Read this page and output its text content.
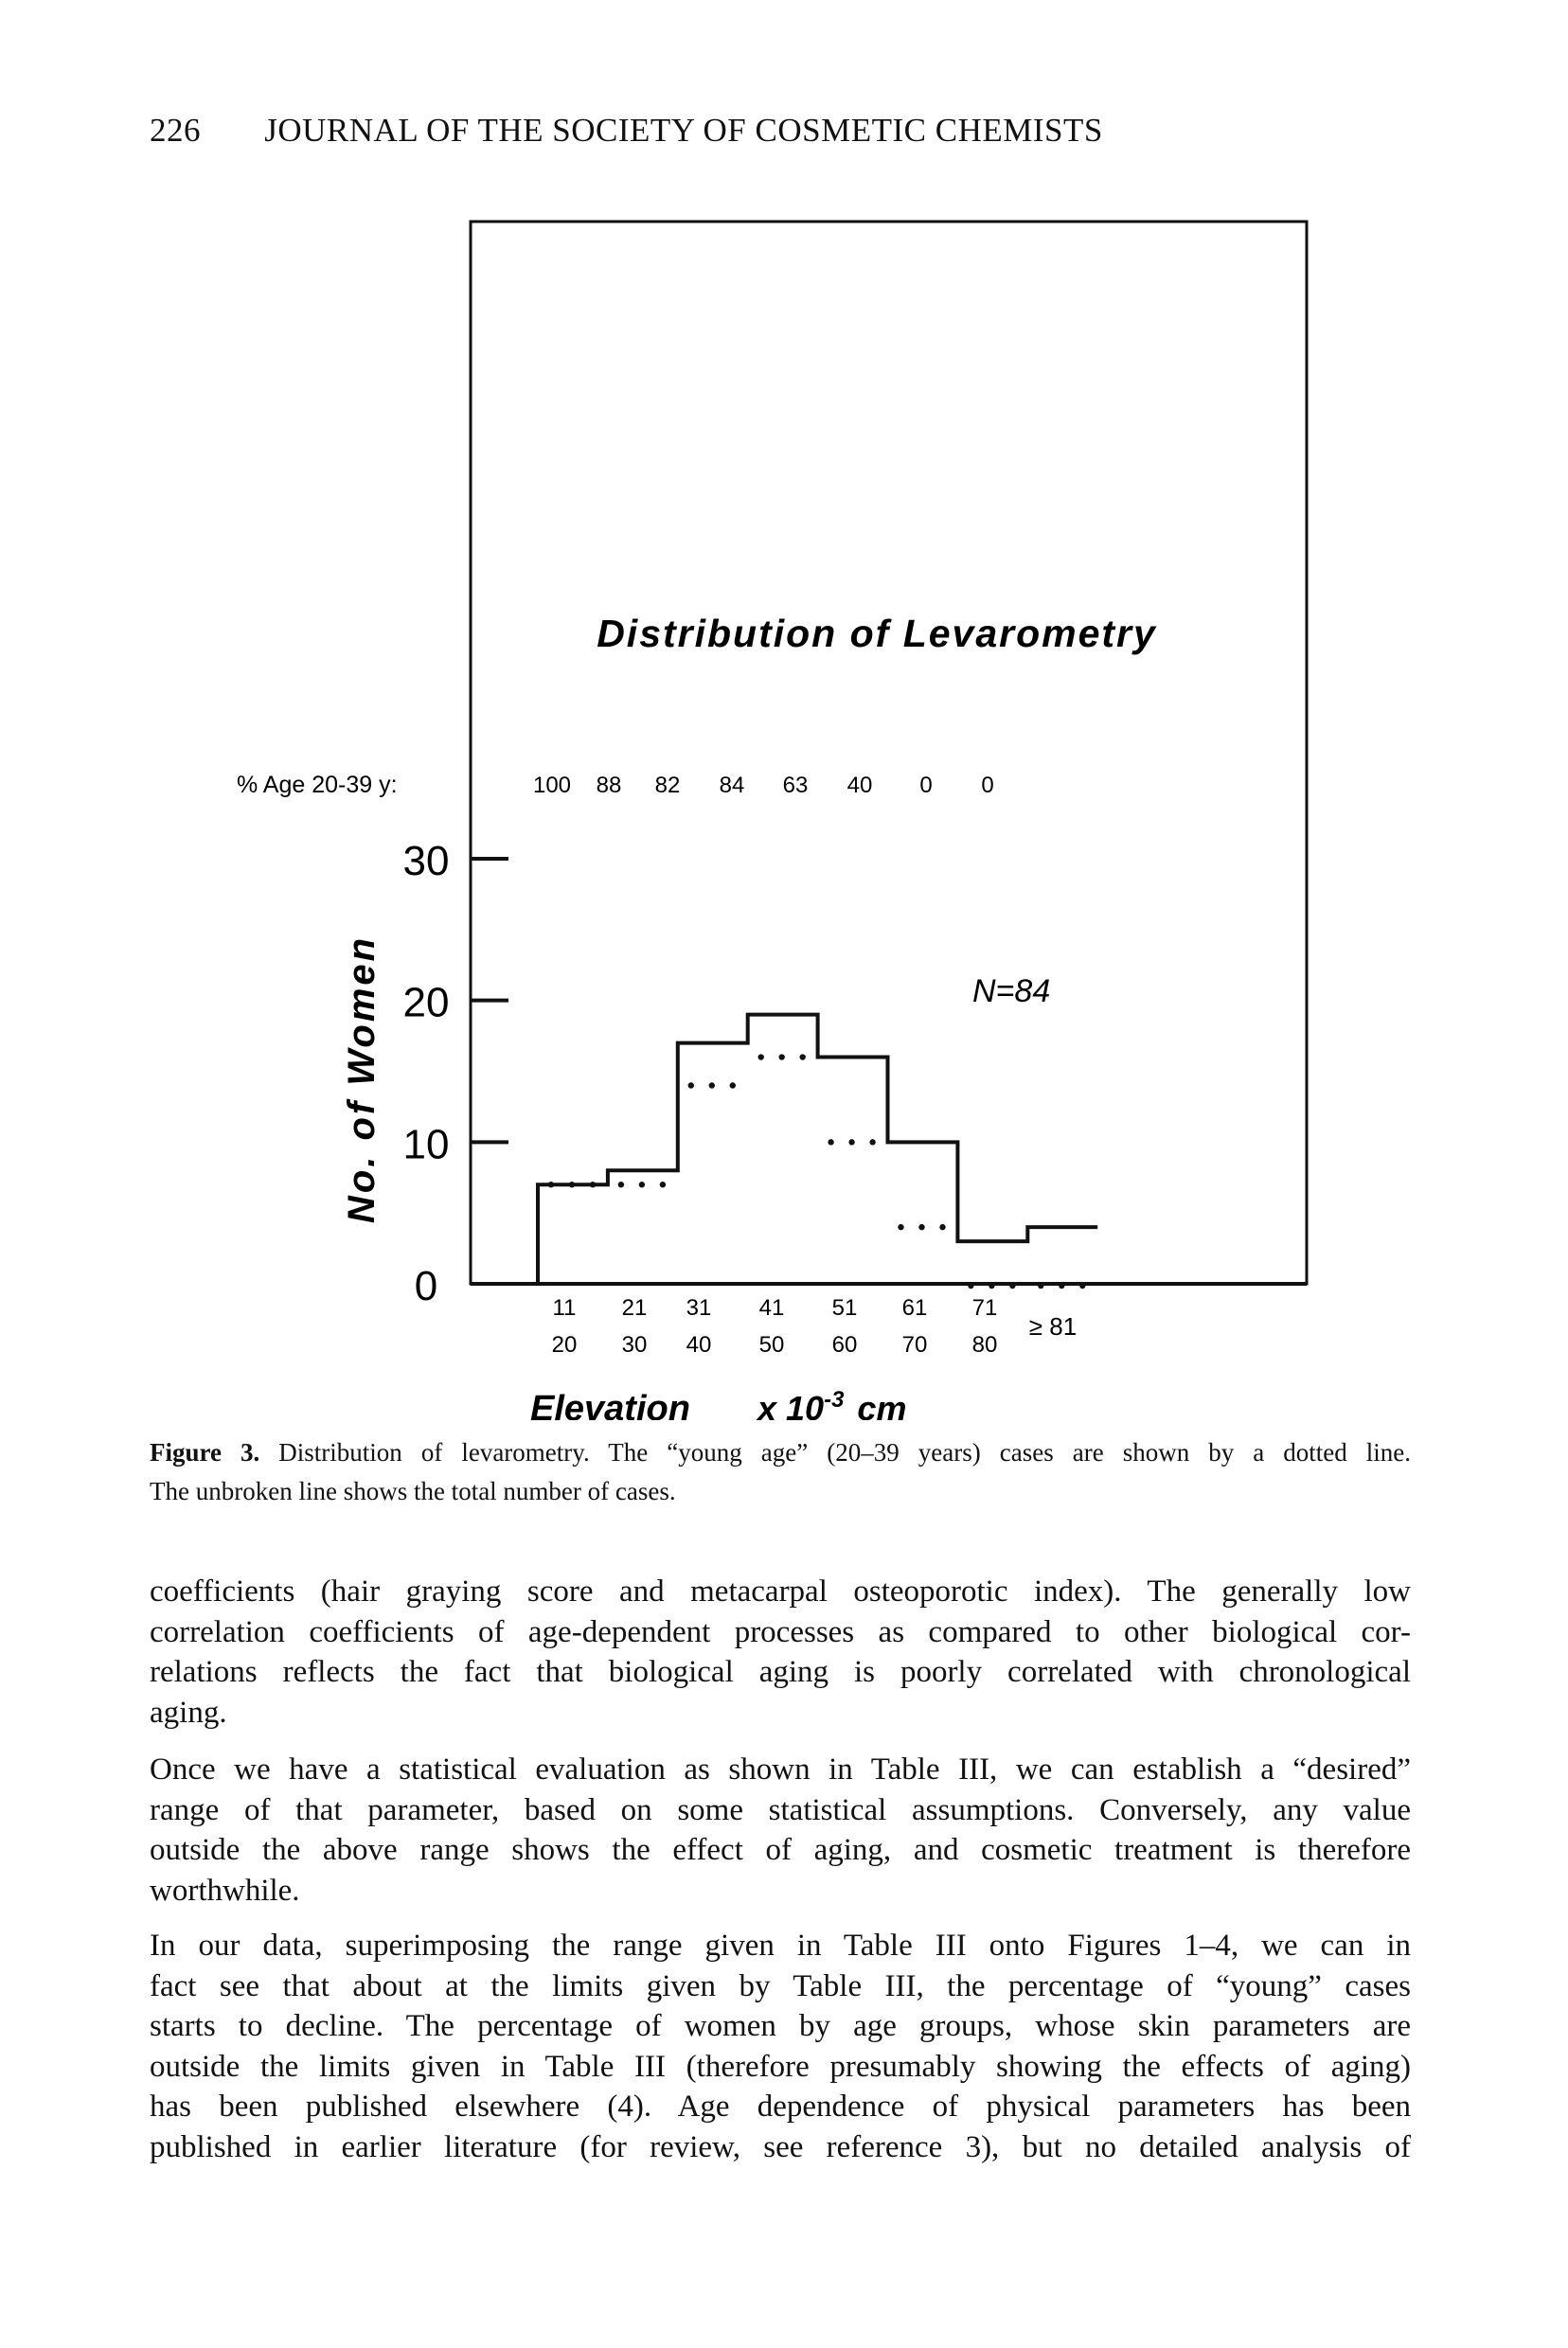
226 JOURNAL OF THE SOCIETY OF COSMETIC CHEMISTS
Distribution of Levarometry
% Age 20-39 y:
N=84
No. of Women
0
10
20
30
100 88 82 84 63 40 0 0
11
20
21
30
31
40
41
50
51
60
61
70
71
80
≥ 81
Elevation x $10^{-3}$ cm
Figure 3. Distribution of levarometry. The “young age” (20–39 years) cases are shown by a dotted line.
The unbroken line shows the total number of cases.
coefficients (hair graying score and metacarpal osteoporotic index). The generally low
correlation coefficients of age-dependent processes as compared to other biological cor-
relations reflects the fact that biological aging is poorly correlated with chronological
aging.
Once we have a statistical evaluation as shown in Table III, we can establish a “desired”
range of that parameter, based on some statistical assumptions. Conversely, any value
outside the above range shows the effect of aging, and cosmetic treatment is therefore
worthwhile.
In our data, superimposing the range given in Table III onto Figures 1–4, we can in
fact see that about at the limits given by Table III, the percentage of “young” cases
starts to decline. The percentage of women by age groups, whose skin parameters are
outside the limits given in Table III (therefore presumably showing the effects of aging)
has been published elsewhere (4). Age dependence of physical parameters has been
published in earlier literature (for review, see reference 3), but no detailed analysis of
